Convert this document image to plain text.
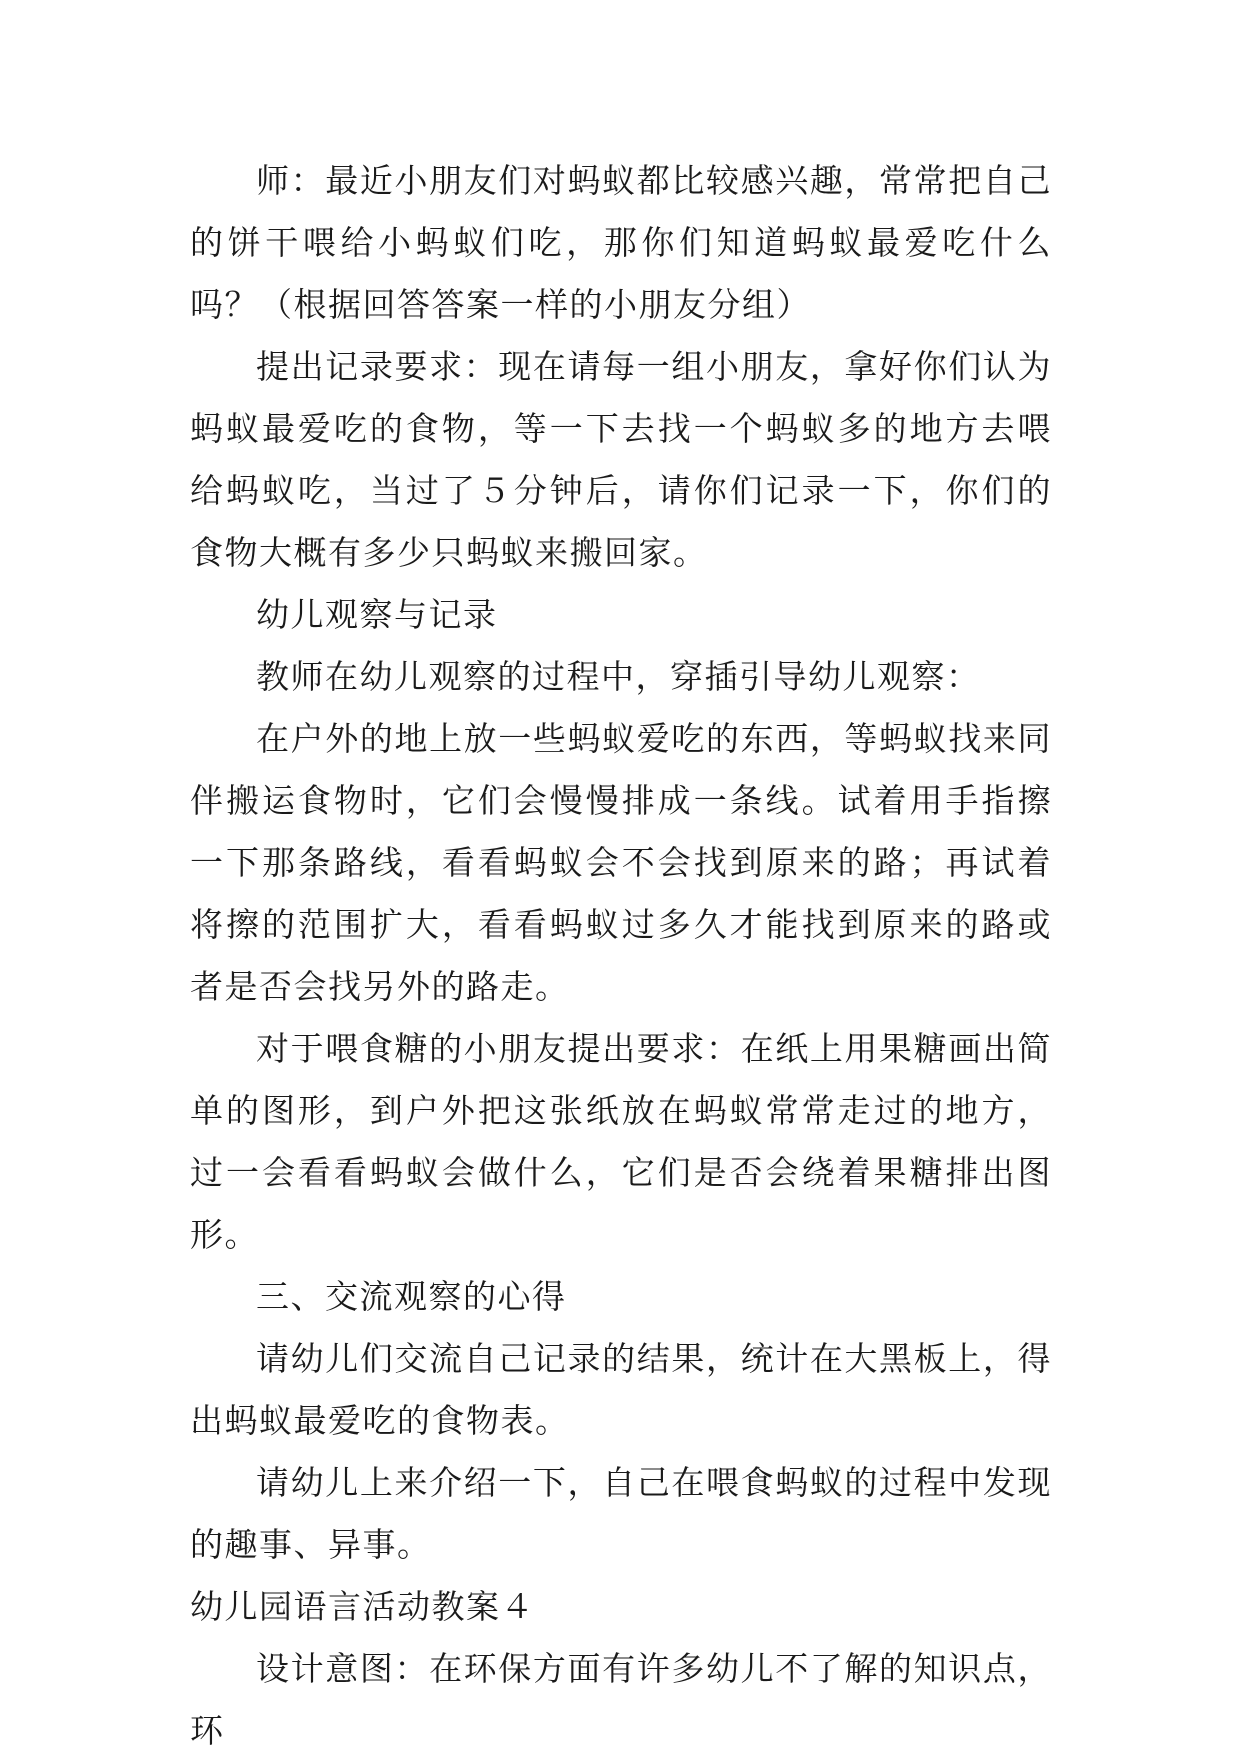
师：最近小朋友们对蚂蚁都比较感兴趣，常常把自己的饼干喂给小蚂蚁们吃，那你们知道蚂蚁最爱吃什么吗？（根据回答答案一样的小朋友分组）

提出记录要求：现在请每一组小朋友，拿好你们认为蚂蚁最爱吃的食物，等一下去找一个蚂蚁多的地方去喂给蚂蚁吃，当过了５分钟后，请你们记录一下，你们的食物大概有多少只蚂蚁来搬回家。

幼儿观察与记录

教师在幼儿观察的过程中，穿插引导幼儿观察：

在户外的地上放一些蚂蚁爱吃的东西，等蚂蚁找来同伴搬运食物时，它们会慢慢排成一条线。试着用手指擦一下那条路线，看看蚂蚁会不会找到原来的路；再试着将擦的范围扩大，看看蚂蚁过多久才能找到原来的路或者是否会找另外的路走。

对于喂食糖的小朋友提出要求：在纸上用果糖画出简单的图形，到户外把这张纸放在蚂蚁常常走过的地方，过一会看看蚂蚁会做什么，它们是否会绕着果糖排出图形。

三、交流观察的心得

请幼儿们交流自己记录的结果，统计在大黑板上，得出蚂蚁最爱吃的食物表。

请幼儿上来介绍一下，自己在喂食蚂蚁的过程中发现的趣事、异事。

幼儿园语言活动教案４

设计意图：在环保方面有许多幼儿不了解的知识点，环
